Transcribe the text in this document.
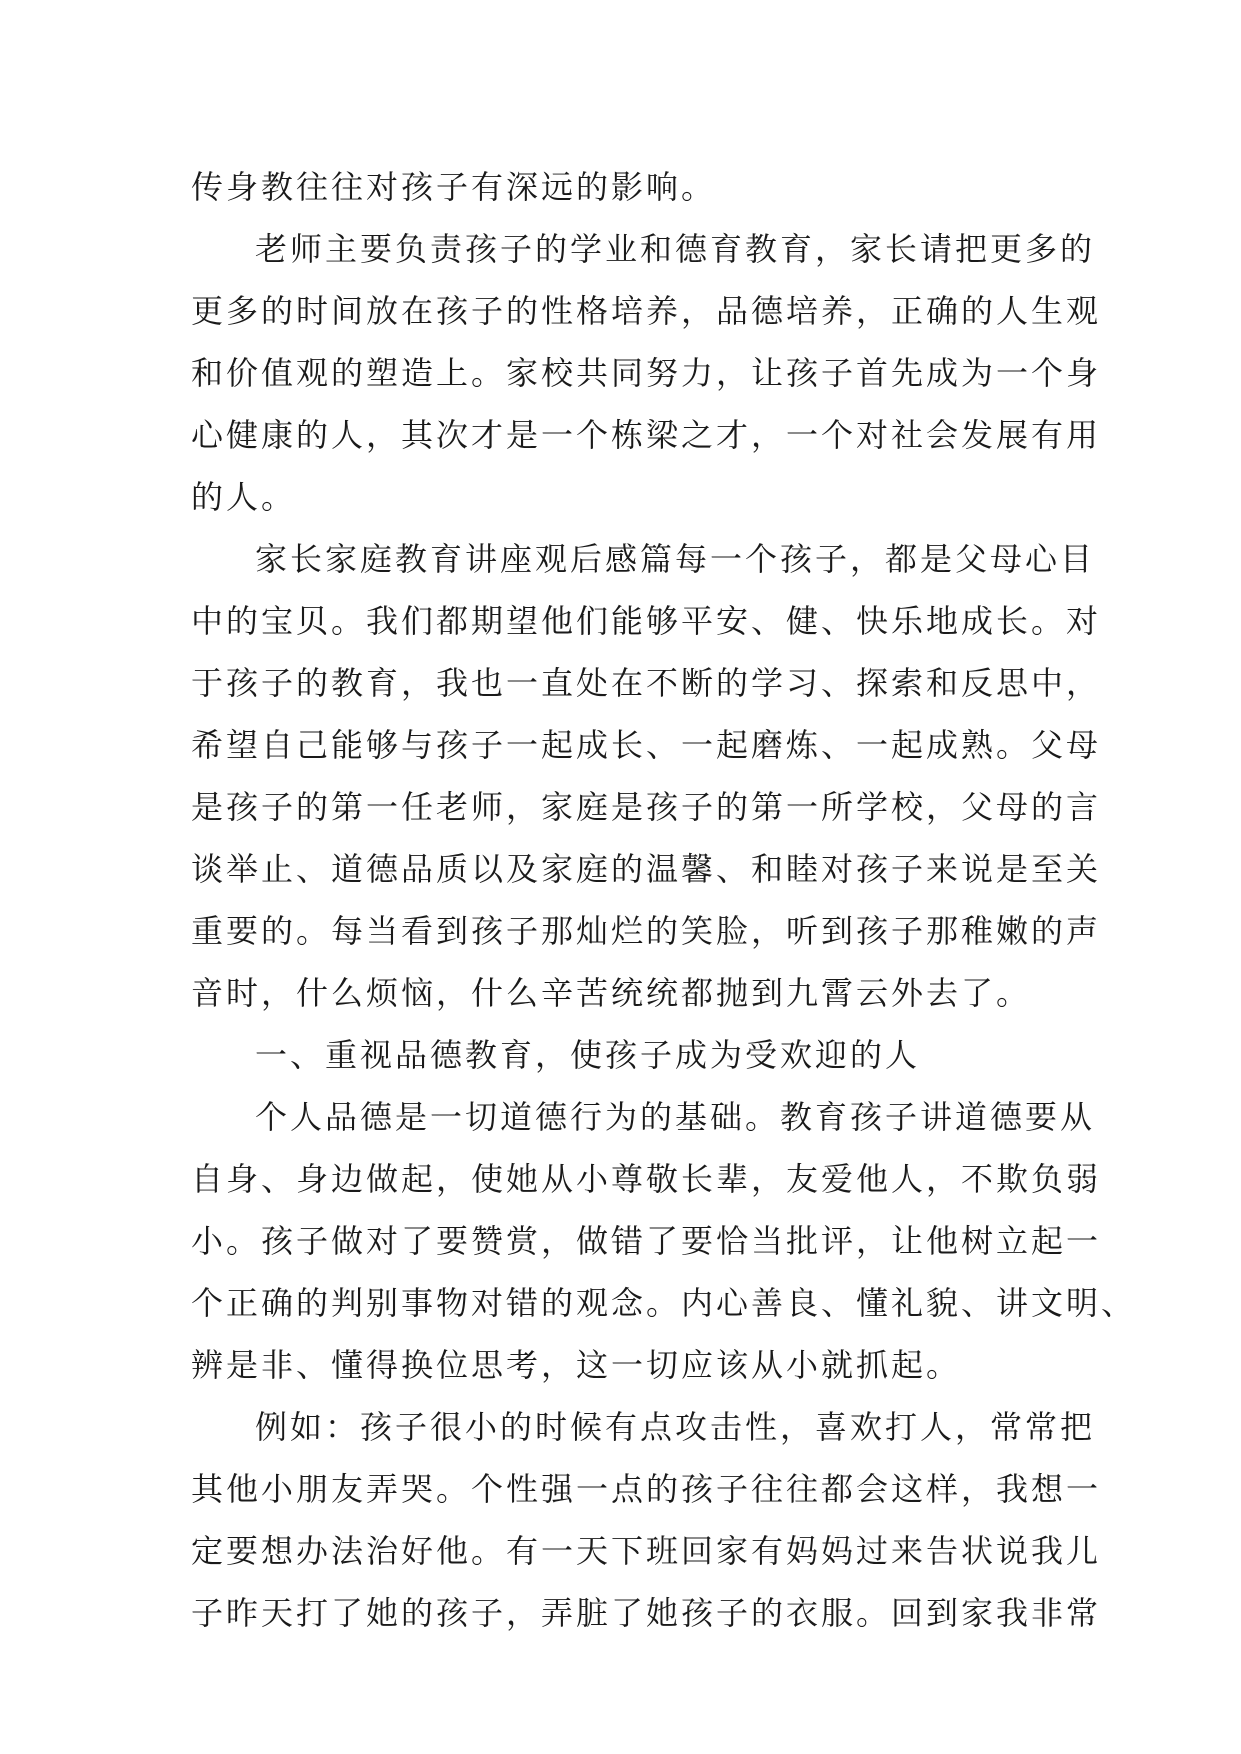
传身教往往对孩子有深远的影响。
老师主要负责孩子的学业和德育教育，家长请把更多的
更多的时间放在孩子的性格培养，品德培养，正确的人生观
和价值观的塑造上。家校共同努力，让孩子首先成为一个身
心健康的人，其次才是一个栋梁之才，一个对社会发展有用
的人。
家长家庭教育讲座观后感篇每一个孩子，都是父母心目
中的宝贝。我们都期望他们能够平安、健、快乐地成长。对
于孩子的教育，我也一直处在不断的学习、探索和反思中，
希望自己能够与孩子一起成长、一起磨炼、一起成熟。父母
是孩子的第一任老师，家庭是孩子的第一所学校，父母的言
谈举止、道德品质以及家庭的温馨、和睦对孩子来说是至关
重要的。每当看到孩子那灿烂的笑脸，听到孩子那稚嫩的声
音时，什么烦恼，什么辛苦统统都抛到九霄云外去了。
一、重视品德教育，使孩子成为受欢迎的人
个人品德是一切道德行为的基础。教育孩子讲道德要从
自身、身边做起，使她从小尊敬长辈，友爱他人，不欺负弱
小。孩子做对了要赞赏，做错了要恰当批评，让他树立起一
个正确的判别事物对错的观念。内心善良、懂礼貌、讲文明、
辨是非、懂得换位思考，这一切应该从小就抓起。
例如：孩子很小的时候有点攻击性，喜欢打人，常常把
其他小朋友弄哭。个性强一点的孩子往往都会这样，我想一
定要想办法治好他。有一天下班回家有妈妈过来告状说我儿
子昨天打了她的孩子，弄脏了她孩子的衣服。回到家我非常
